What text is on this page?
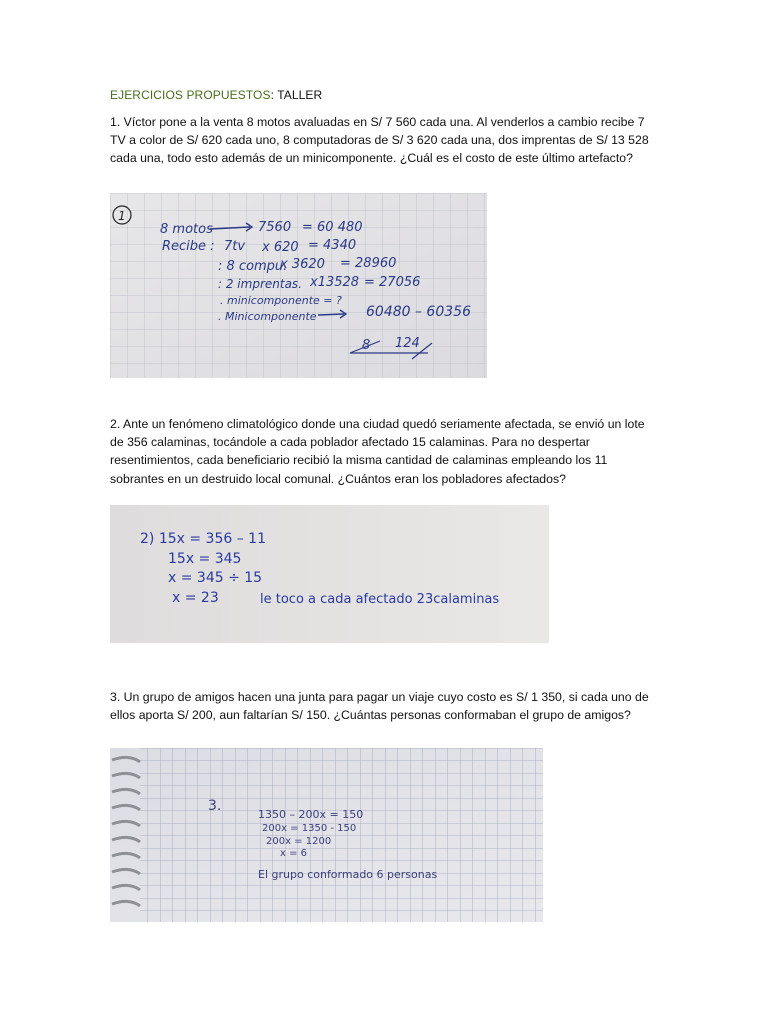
EJERCICIOS PROPUESTOS: TALLER
1. Víctor pone a la venta 8 motos avaluadas en S/ 7 560 cada una. Al venderlos a cambio recibe 7 TV a color de S/ 620 cada uno, 8 computadoras de S/ 3 620 cada una, dos imprentas de S/ 13 528 cada una, todo esto además de un minicomponente. ¿Cuál es el costo de este último artefacto?
1
8 motos	7560 = 60 480
Recibe : 7tv x 620 = 4340
: 8 compu.
x 3620 = 28960
: 2 imprentas. x13528 = 27056
. minicomponente = ?
. Minicomponente	60480 – 60356
8 124
2. Ante un fenómeno climatológico donde una ciudad quedó seriamente afectada, se envió un lote de 356 calaminas, tocándole a cada poblador afectado 15 calaminas. Para no despertar resentimientos, cada beneficiario recibió la misma cantidad de calaminas empleando los 11 sobrantes en un destruido local comunal. ¿Cuántos eran los pobladores afectados?
2) 15x = 356 – 11
15x = 345
x = 345 ÷ 15
x = 23	le toco a cada afectado 23calaminas
3. Un grupo de amigos hacen una junta para pagar un viaje cuyo costo es S/ 1 350, si cada uno de ellos aporta S/ 200, aun faltarían S/ 150. ¿Cuántas personas conformaban el grupo de amigos?
3.
1350 – 200x = 150
200x = 1350 - 150
200x = 1200
x = 6
El grupo conformado 6 personas
